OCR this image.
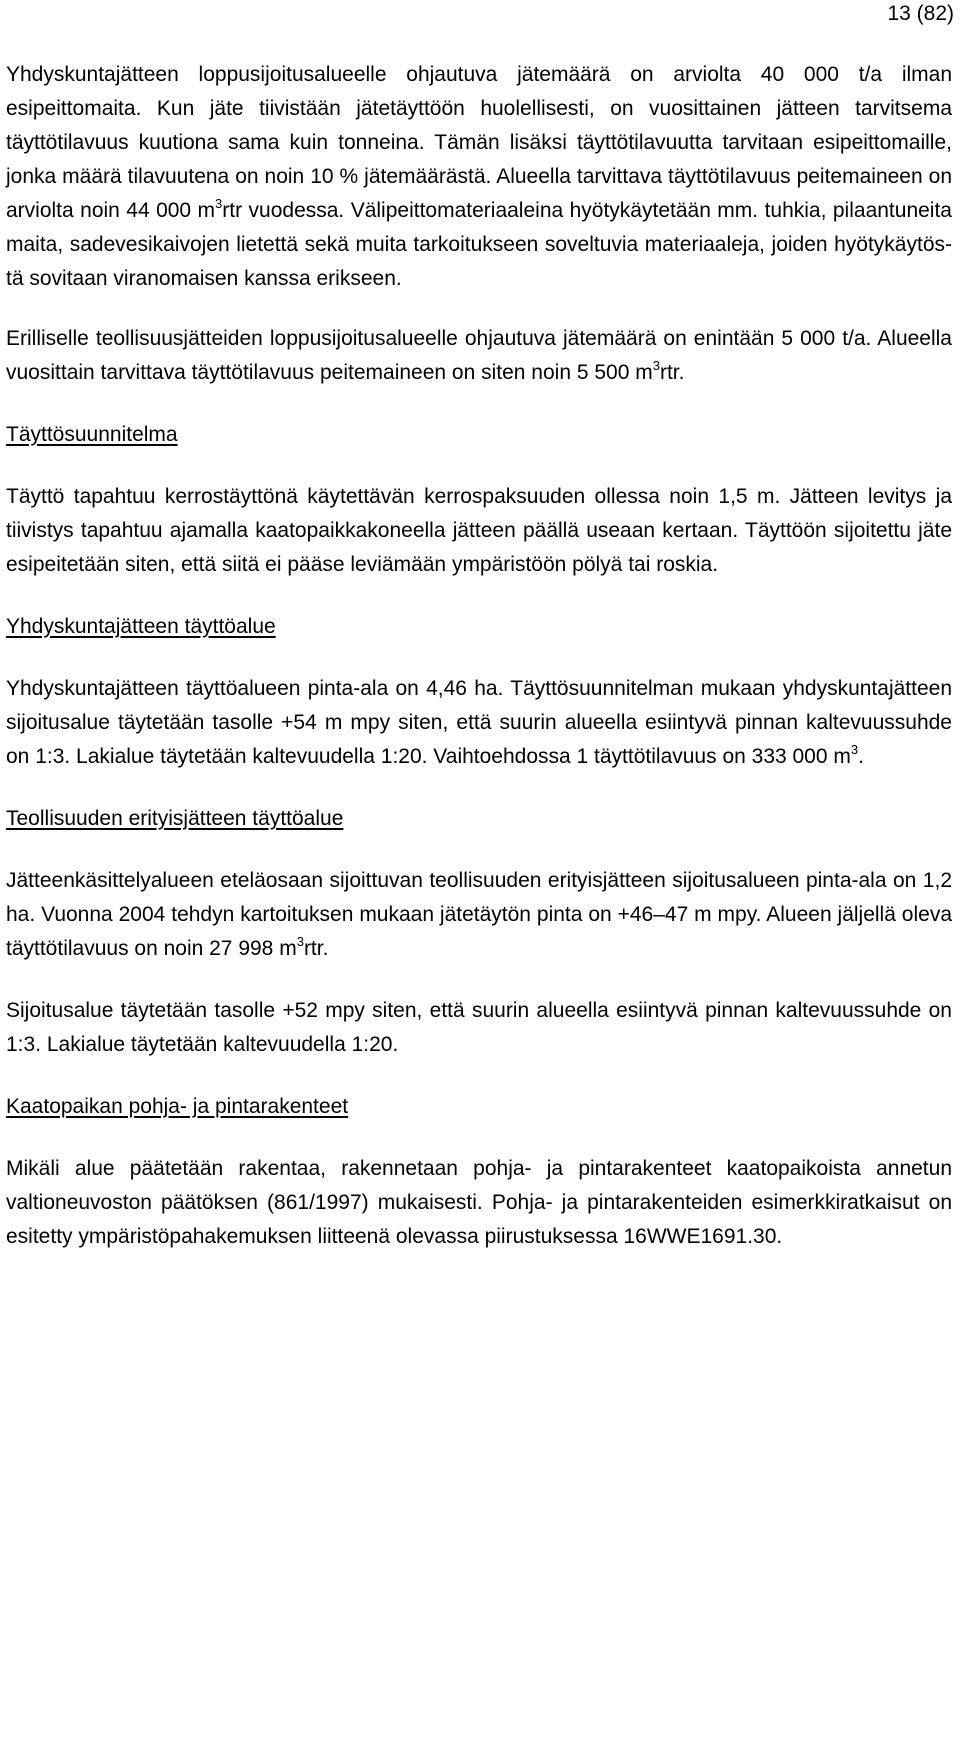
13 (82)

Yhdyskuntajätteen loppusijoitusalueelle ohjautuva jätemäärä on arviolta 40 000 t/a ilman esipeittomaita. Kun jäte tiivistään jätetäyttöön huolellisesti, on vuosittainen jätteen tarvitsema täyttötilavuus kuutiona sama kuin tonneina. Tämän lisäksi täyttötilavuutta tarvitaan esipeittomaille, jonka määrä tilavuutena on noin 10 % jätemäärästä. Alueella tarvittava täyttötilavuus peitemaineen on arviolta noin 44 000 $m^3rtr$ vuodessa. Välipeittomateriaaleina hyötykäytetään mm. tuhkia, pilaantuneita maita, sadevesikaivojen lietettä sekä muita tarkoitukseen soveltuvia materiaaleja, joiden hyötykäytöstä sovitaan viranomaisen kanssa erikseen.

Erilliselle teollisuusjätteiden loppusijoitusalueelle ohjautuva jätemäärä on enintään 5 000 t/a. Alueella vuosittain tarvittava täyttötilavuus peitemaineen on siten noin 5 500 $m^3rtr$.

Täyttösuunnitelma

Täyttö tapahtuu kerrostäyttönä käytettävän kerrospaksuuden ollessa noin 1,5 m. Jätteen levitys ja tiivistys tapahtuu ajamalla kaatopaikkakoneella jätteen päällä useaan kertaan. Täyttöön sijoitettu jäte esipeitetään siten, että siitä ei pääse leviämään ympäristöön pölyä tai roskia.

Yhdyskuntajätteen täyttöalue

Yhdyskuntajätteen täyttöalueen pinta-ala on 4,46 ha. Täyttösuunnitelman mukaan yhdyskuntajätteen sijoitusalue täytetään tasolle +54 m mpy siten, että suurin alueella esiintyvä pinnan kaltevuussuhde on 1:3. Lakialue täytetään kaltevuudella 1:20. Vaihtoehdossa 1 täyttötilavuus on 333 000 $m^3$.

Teollisuuden erityisjätteen täyttöalue

Jätteenkäsittelyalueen eteläosaan sijoittuvan teollisuuden erityisjätteen sijoitusalueen pinta-ala on 1,2 ha. Vuonna 2004 tehdyn kartoituksen mukaan jätetäytön pinta on +46–47 m mpy. Alueen jäljellä oleva täyttötilavuus on noin 27 998 $m^3rtr$.

Sijoitusalue täytetään tasolle +52 mpy siten, että suurin alueella esiintyvä pinnan kaltevuussuhde on 1:3. Lakialue täytetään kaltevuudella 1:20.

Kaatopaikan pohja- ja pintarakenteet

Mikäli alue päätetään rakentaa, rakennetaan pohja- ja pintarakenteet kaatopaikoista annetun valtioneuvoston päätöksen (861/1997) mukaisesti. Pohja- ja pintarakenteiden esimerkkiratkaisut on esitetty ympäristöpahakemuksen liitteenä olevassa piirustuksessa 16WWE1691.30.
